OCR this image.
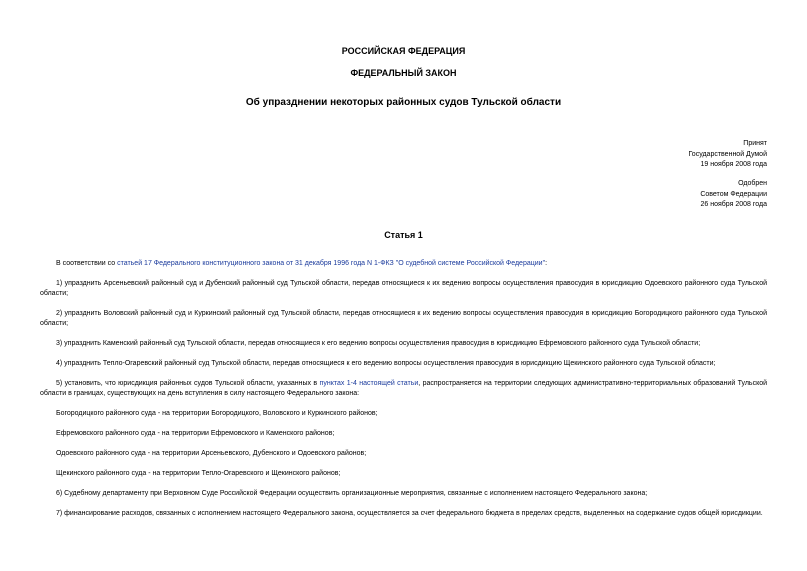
РОССИЙСКАЯ ФЕДЕРАЦИЯ
ФЕДЕРАЛЬНЫЙ ЗАКОН
Об упразднении некоторых районных судов Тульской области
Принят
Государственной Думой
19 ноября 2008 года
Одобрен
Советом Федерации
26 ноября 2008 года
Статья 1

В соответствии со статьей 17 Федерального конституционного закона от 31 декабря 1996 года N 1-ФКЗ "О судебной системе Российской Федерации":

1) упразднить Арсеньевский районный суд и Дубенский районный суд Тульской области, передав относящиеся к их ведению вопросы осуществления правосудия в юрисдикцию Одоевского районного суда Тульской области;

2) упразднить Воловский районный суд и Куркинский районный суд Тульской области, передав относящиеся к их ведению вопросы осуществления правосудия в юрисдикцию Богородицкого районного суда Тульской области;

3) упразднить Каменский районный суд Тульской области, передав относящиеся к его ведению вопросы осуществления правосудия в юрисдикцию Ефремовского районного суда Тульской области;

4) упразднить Тепло-Огаревский районный суд Тульской области, передав относящиеся к его ведению вопросы осуществления правосудия в юрисдикцию Щекинского районного суда Тульской области;

5) установить, что юрисдикция районных судов Тульской области, указанных в пунктах 1-4 настоящей статьи, распространяется на территории следующих административно-территориальных образований Тульской области в границах, существующих на день вступления в силу настоящего Федерального закона:

Богородицкого районного суда - на территории Богородицкого, Воловского и Куркинского районов;

Ефремовского районного суда - на территории Ефремовского и Каменского районов;

Одоевского районного суда - на территории Арсеньевского, Дубенского и Одоевского районов;

Щекинского районного суда - на территории Тепло-Огаревского и Щекинского районов;

6) Судебному департаменту при Верховном Суде Российской Федерации осуществить организационные мероприятия, связанные с исполнением настоящего Федерального закона;

7) финансирование расходов, связанных с исполнением настоящего Федерального закона, осуществляется за счет федерального бюджета в пределах средств, выделенных на содержание судов общей юрисдикции.
